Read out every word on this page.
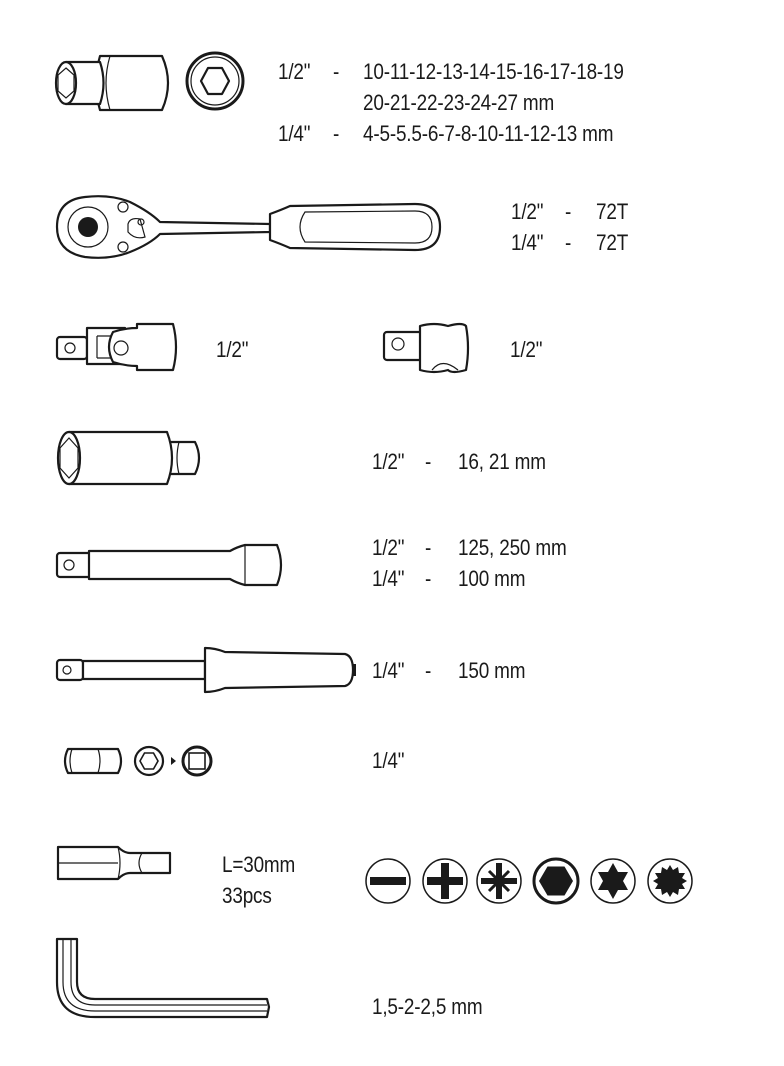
1/2" - 10-11-12-13-14-15-16-17-18-19
20-21-22-23-24-27 mm
1/4" - 4-5-5.5-6-7-8-10-11-12-13 mm
1/2" - 72T
1/4" - 72T
1/2"	1/2"
1/2" - 16, 21 mm
1/2" - 125, 250 mm
1/4" - 100 mm
1/4" - 150 mm
1/4"
L=30mm
33pcs
1,5-2-2,5 mm
